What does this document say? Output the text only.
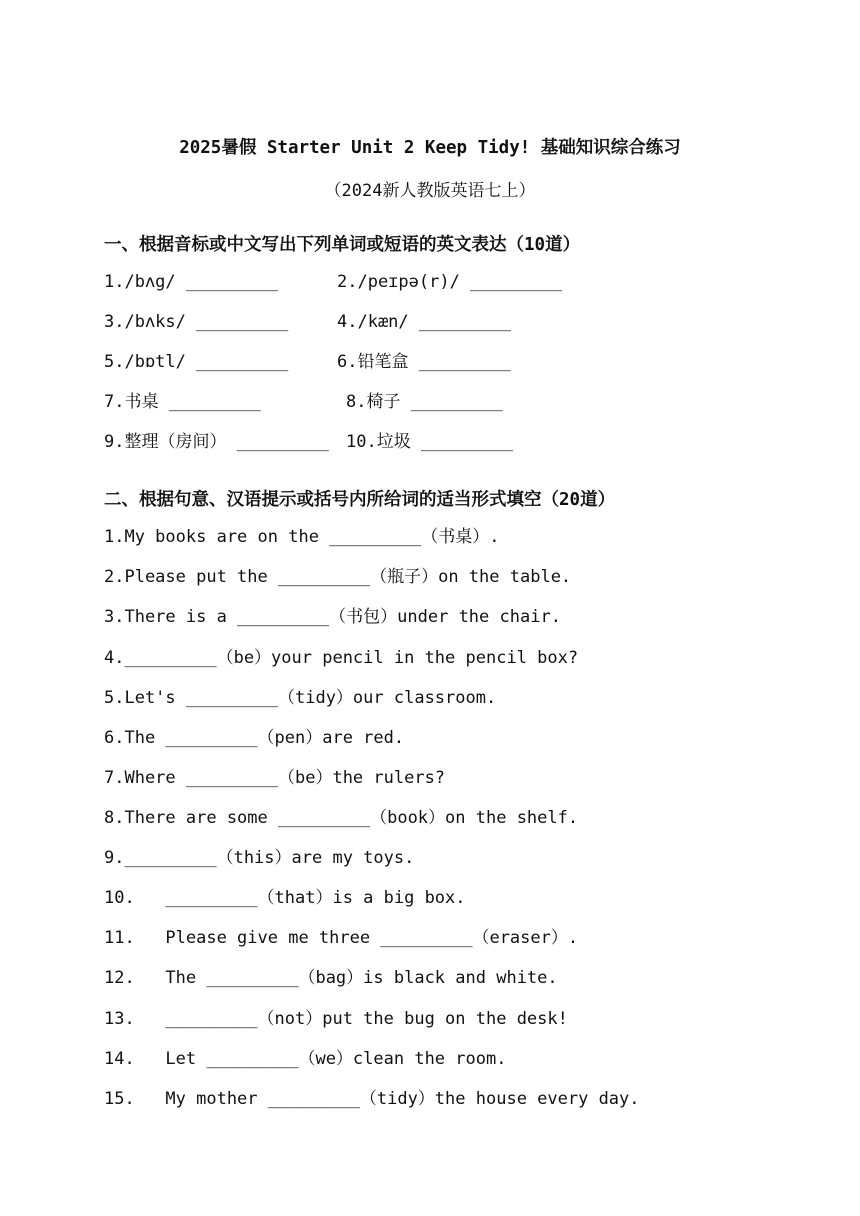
2025暑假 Starter Unit 2 Keep Tidy! 基础知识综合练习
（2024新人教版英语七上）
一、根据音标或中文写出下列单词或短语的英文表达（10道）
1./bʌg/ _________	2./peɪpə(r)/ _________
3./bʌks/ _________	4./kæn/ _________
5./bɒtl/ _________	6.铅笔盒 _________
7.书桌 _________	8.椅子 _________
9.整理（房间） _________ 10.垃圾 _________
二、根据句意、汉语提示或括号内所给词的适当形式填空（20道）
1.My books are on the _________（书桌）.
2.Please put the _________（瓶子）on the table.
3.There is a _________（书包）under the chair.
4._________（be）your pencil in the pencil box?
5.Let's _________（tidy）our classroom.
6.The _________（pen）are red.
7.Where _________（be）the rulers?
8.There are some _________（book）on the shelf.
9._________（this）are my toys.
10.   _________（that）is a big box.
11.   Please give me three _________（eraser）.
12.   The _________（bag）is black and white.
13.   _________（not）put the bug on the desk!
14.   Let _________（we）clean the room.
15.   My mother _________（tidy）the house every day.
